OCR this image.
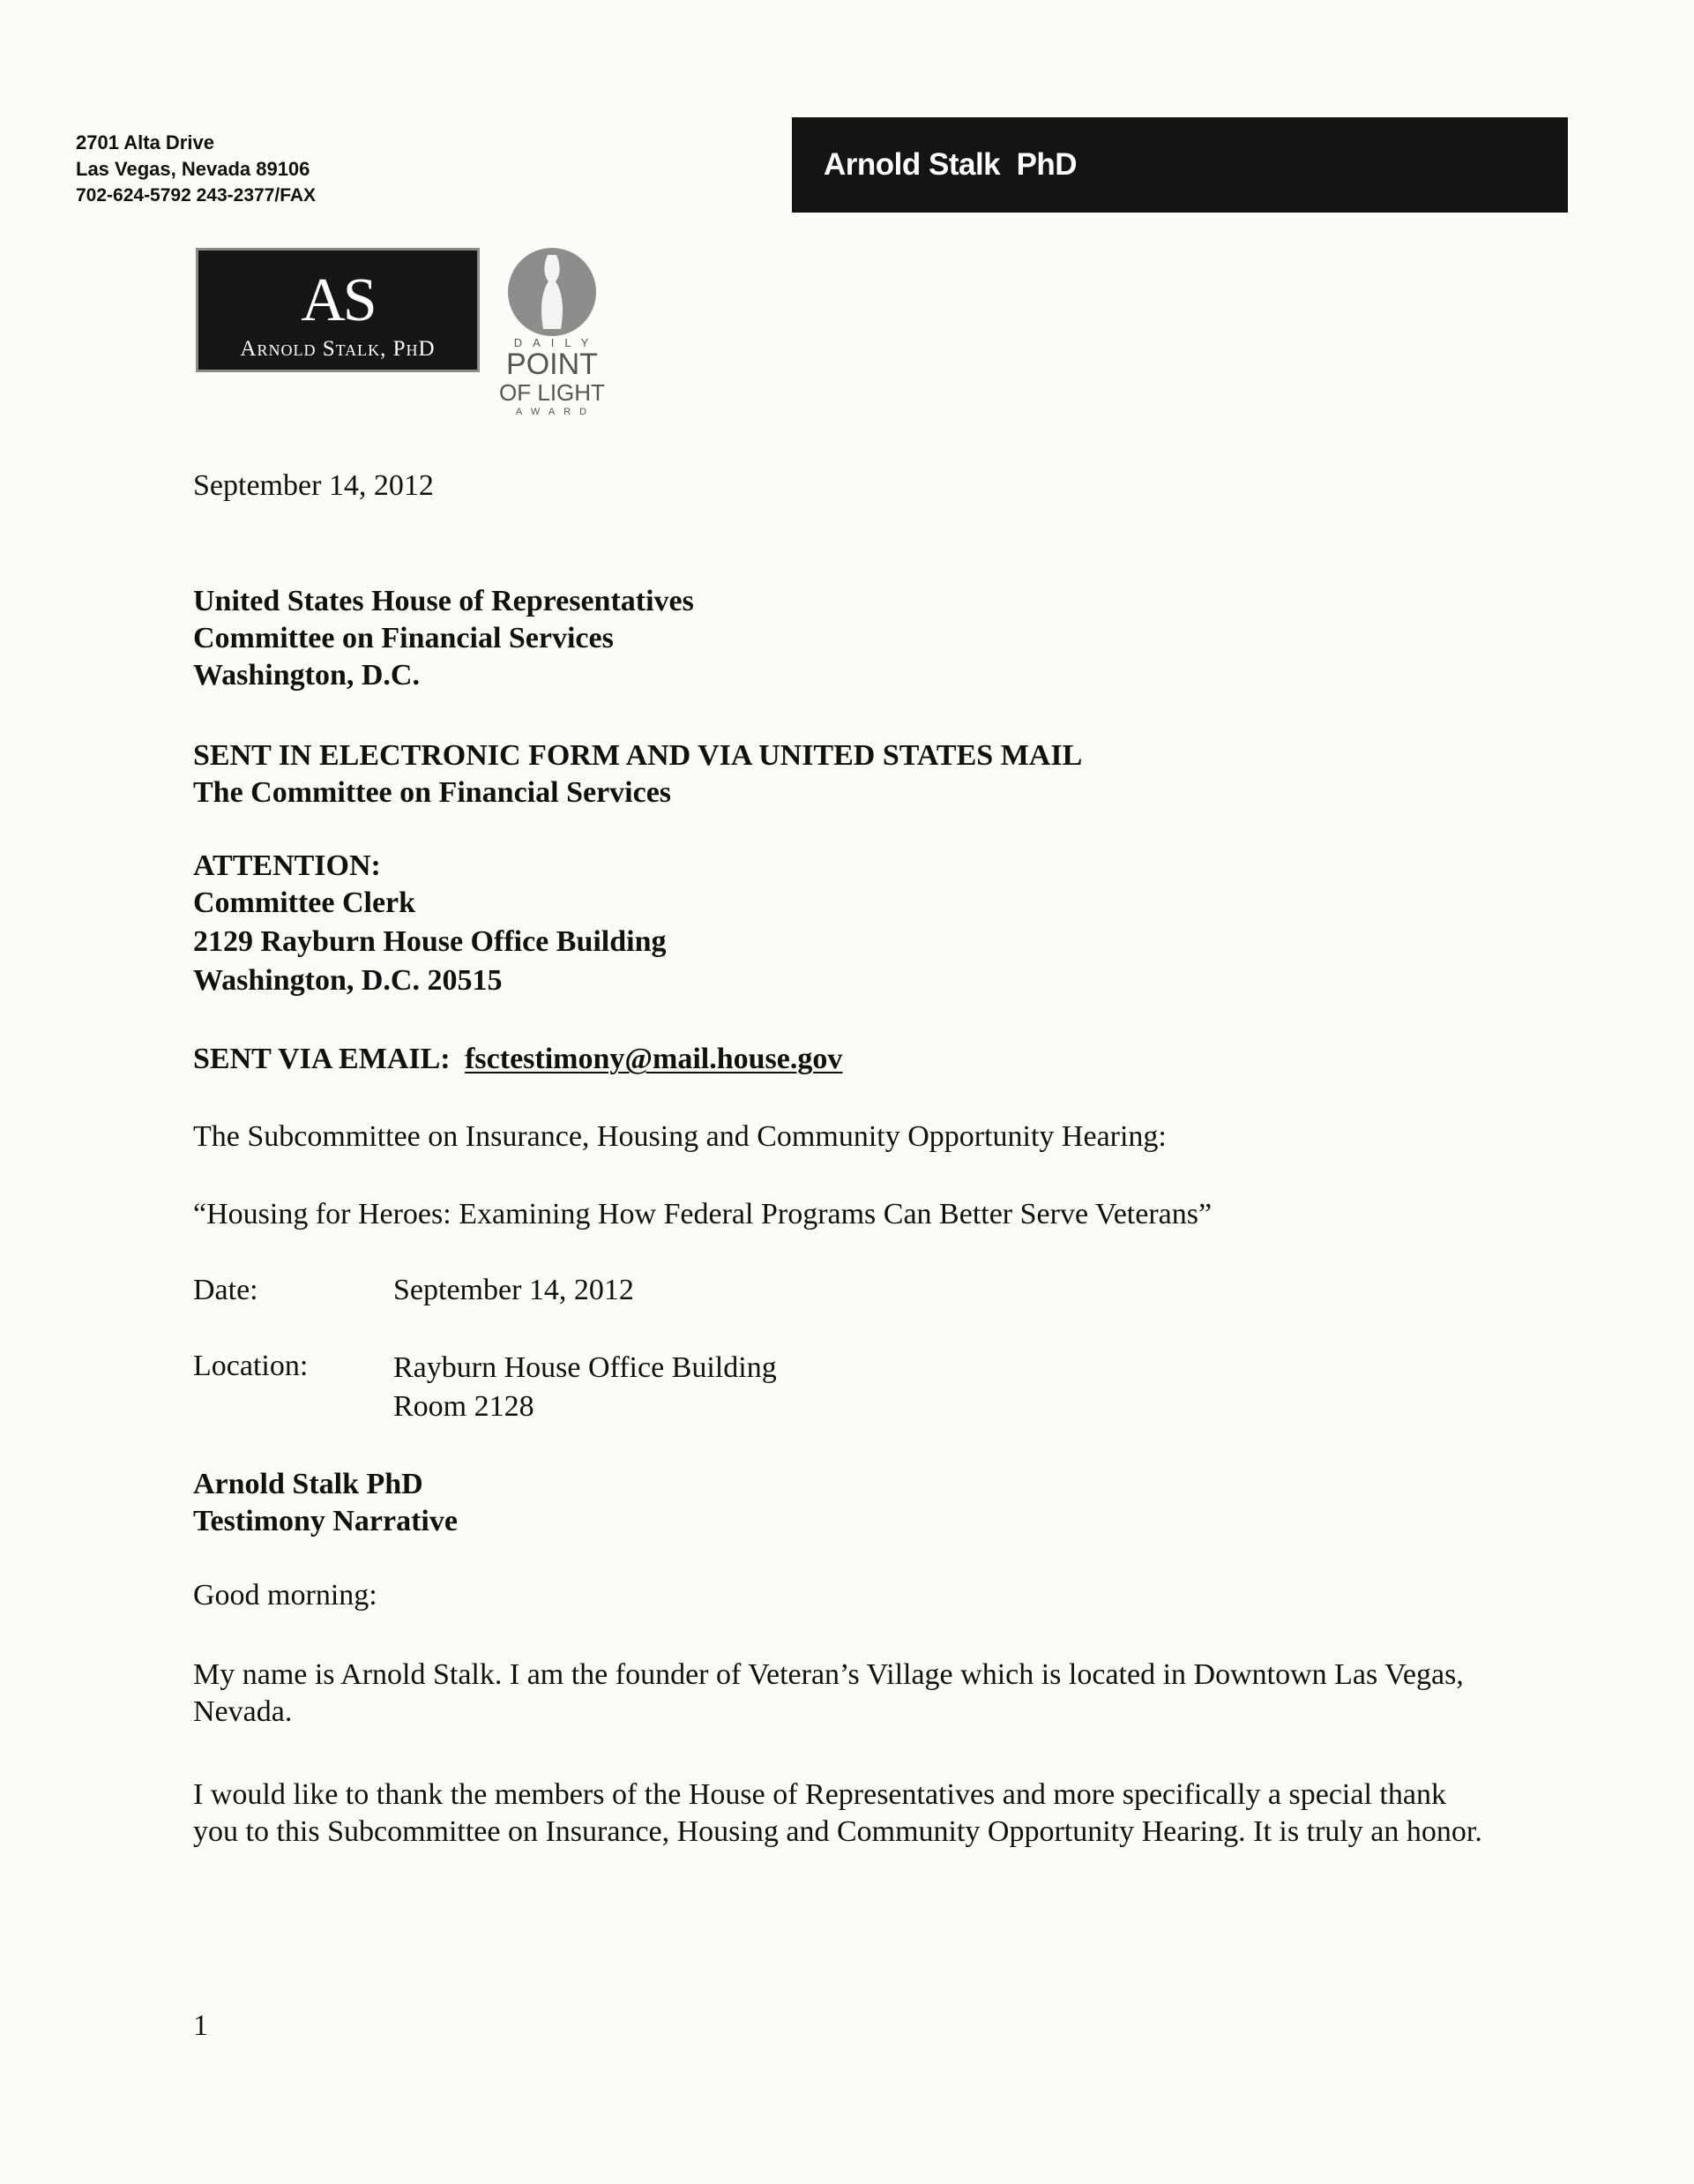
2701 Alta Drive
Las Vegas, Nevada 89106
702-624-5792 243-2377/FAX
Arnold Stalk  PhD
AS
Arnold Stalk, PhD	DAILY
POINT
OF LIGHT
AWARD
September 14, 2012
United States House of Representatives
Committee on Financial Services
Washington, D.C.
SENT IN ELECTRONIC FORM AND VIA UNITED STATES MAIL
The Committee on Financial Services
ATTENTION:
Committee Clerk
2129 Rayburn House Office Building
Washington, D.C. 20515
SENT VIA EMAIL: fsctestimony@mail.house.gov
The Subcommittee on Insurance, Housing and Community Opportunity Hearing:
“Housing for Heroes: Examining How Federal Programs Can Better Serve Veterans”
Date:	September 14, 2012
Location:	Rayburn House Office Building
Room 2128
Arnold Stalk PhD
Testimony Narrative
Good morning:
My name is Arnold Stalk. I am the founder of Veteran’s Village which is located in Downtown Las Vegas, Nevada.
I would like to thank the members of the House of Representatives and more specifically a special thank you to this Subcommittee on Insurance, Housing and Community Opportunity Hearing. It is truly an honor.
1
